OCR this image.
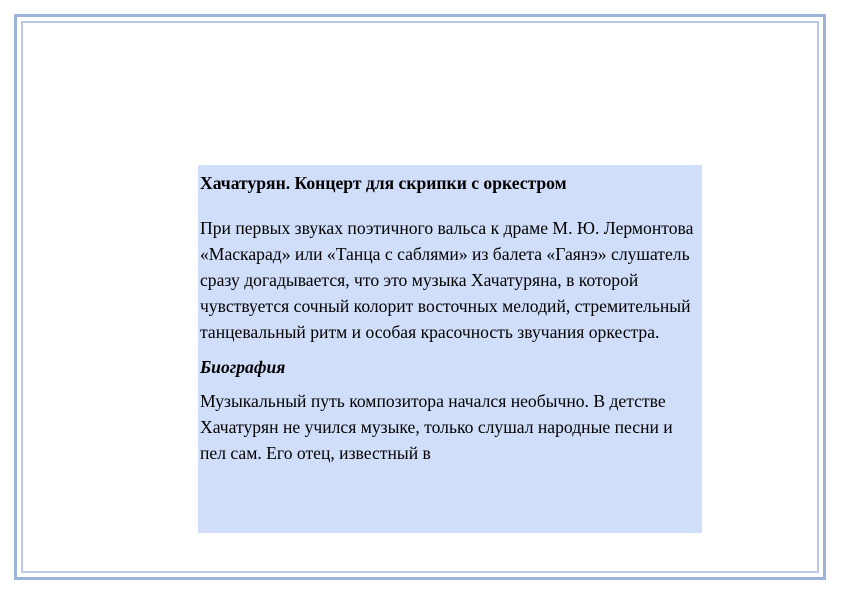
Хачатурян. Концерт для скрипки с оркестром

При первых звуках поэтичного вальса к драме М. Ю. Лермонтова «Маскарад» или «Танца с саблями» из балета «Гаянэ» слушатель сразу догадывается, что это музыка Хачатуряна, в которой чувствуется сочный колорит восточных мелодий, стремительный танцевальный ритм и особая красочность звучания оркестра.

Биография

Музыкальный путь композитора начался необычно. В детстве Хачатурян не учился музыке, только слушал народные песни и пел сам. Его отец, известный в
